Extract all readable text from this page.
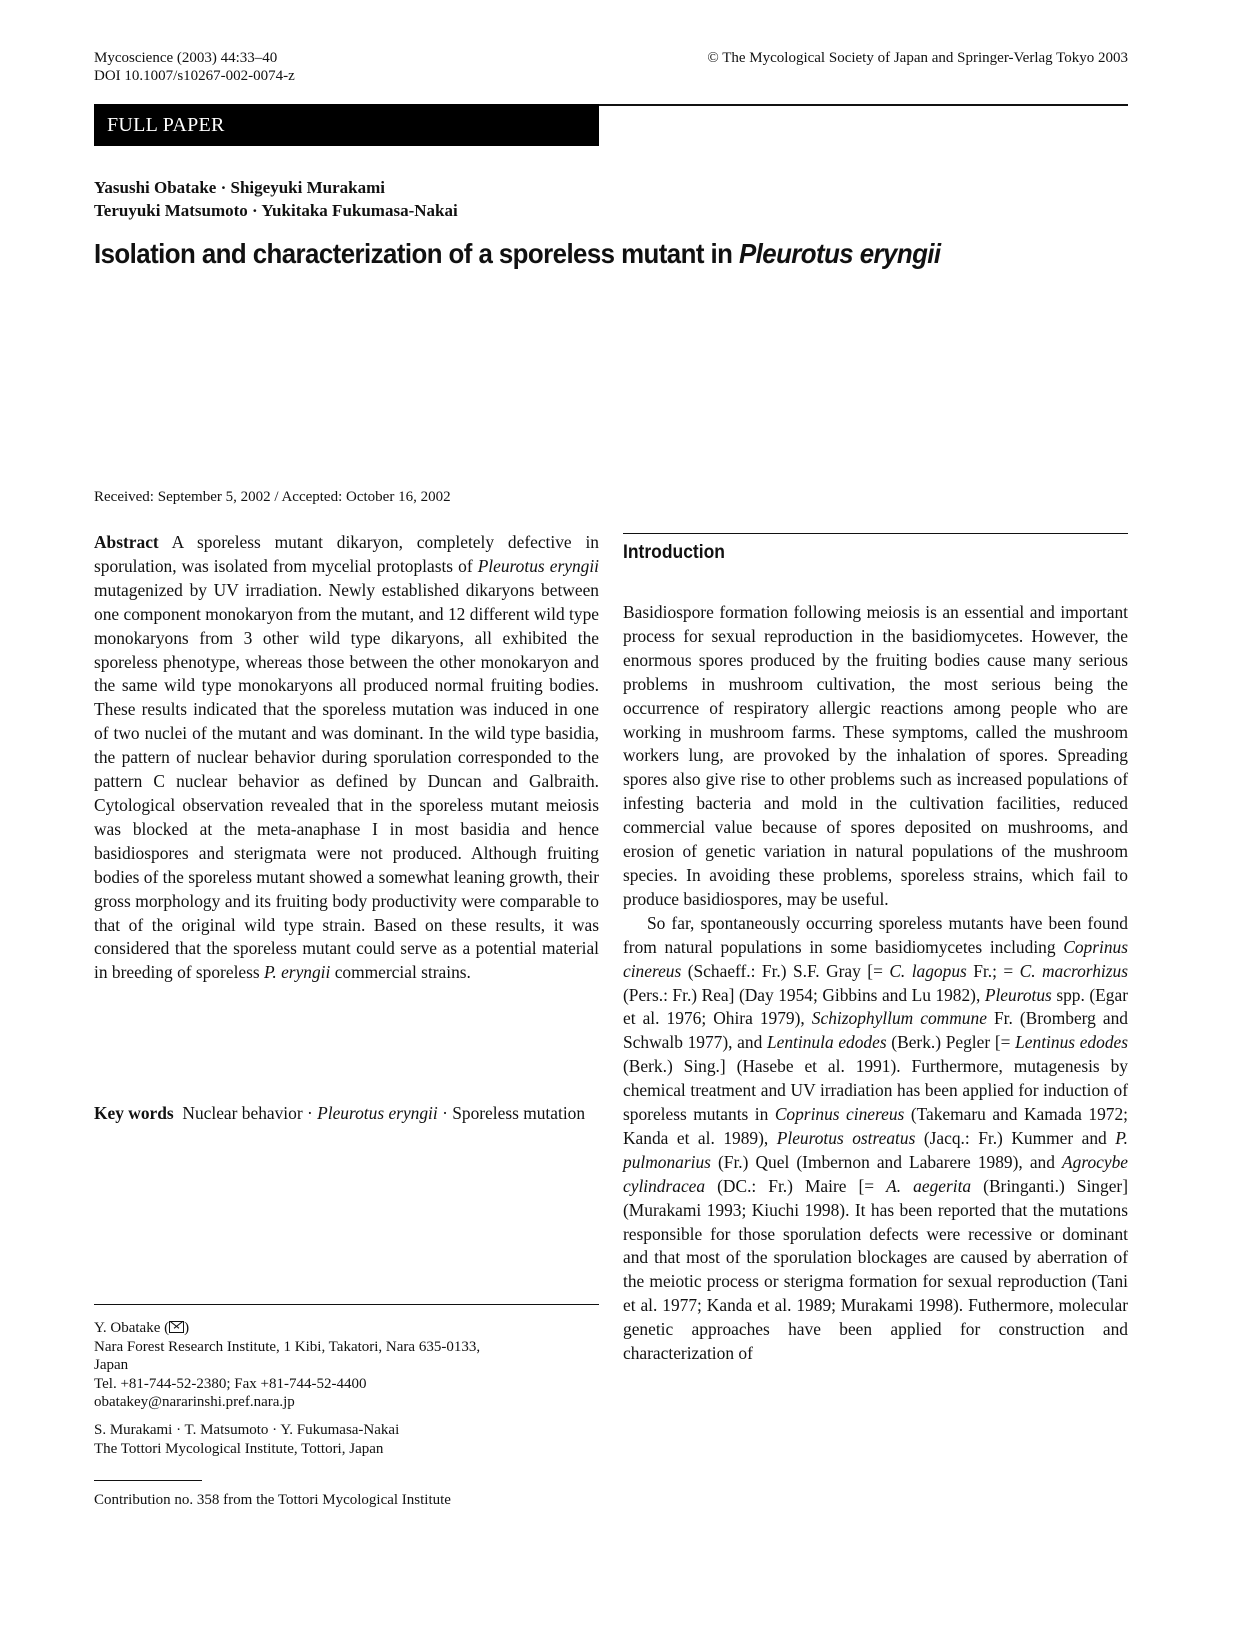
Mycoscience (2003) 44:33–40
DOI 10.1007/s10267-002-0074-z
© The Mycological Society of Japan and Springer-Verlag Tokyo 2003
FULL PAPER
Yasushi Obatake · Shigeyuki Murakami
Teruyuki Matsumoto · Yukitaka Fukumasa-Nakai
Isolation and characterization of a sporeless mutant in Pleurotus eryngii
Received: September 5, 2002 / Accepted: October 16, 2002

Abstract A sporeless mutant dikaryon, completely defective in sporulation, was isolated from mycelial protoplasts of Pleurotus eryngii mutagenized by UV irradiation. Newly established dikaryons between one component monokaryon from the mutant, and 12 different wild type monokaryons from 3 other wild type dikaryons, all exhibited the sporeless phenotype, whereas those between the other monokaryon and the same wild type monokaryons all produced normal fruiting bodies. These results indicated that the sporeless mutation was induced in one of two nuclei of the mutant and was dominant. In the wild type basidia, the pattern of nuclear behavior during sporulation corresponded to the pattern C nuclear behavior as defined by Duncan and Galbraith. Cytological observation revealed that in the sporeless mutant meiosis was blocked at the meta-anaphase I in most basidia and hence basidiospores and sterigmata were not produced. Although fruiting bodies of the sporeless mutant showed a somewhat leaning growth, their gross morphology and its fruiting body productivity were comparable to that of the original wild type strain. Based on these results, it was considered that the sporeless mutant could serve as a potential material in breeding of sporeless P. eryngii commercial strains.

Key words Nuclear behavior · Pleurotus eryngii · Sporeless mutation

Introduction

Basidiospore formation following meiosis is an essential and important process for sexual reproduction in the basidiomycetes. However, the enormous spores produced by the fruiting bodies cause many serious problems in mushroom cultivation, the most serious being the occurrence of respiratory allergic reactions among people who are working in mushroom farms. These symptoms, called the mushroom workers lung, are provoked by the inhalation of spores. Spreading spores also give rise to other problems such as increased populations of infesting bacteria and mold in the cultivation facilities, reduced commercial value because of spores deposited on mushrooms, and erosion of genetic variation in natural populations of the mushroom species. In avoiding these problems, sporeless strains, which fail to produce basidiospores, may be useful.

So far, spontaneously occurring sporeless mutants have been found from natural populations in some basidiomycetes including Coprinus cinereus (Schaeff.: Fr.) S.F. Gray [= C. lagopus Fr.; = C. macrorhizus (Pers.: Fr.) Rea] (Day 1954; Gibbins and Lu 1982), Pleurotus spp. (Egar et al. 1976; Ohira 1979), Schizophyllum commune Fr. (Bromberg and Schwalb 1977), and Lentinula edodes (Berk.) Pegler [= Lentinus edodes (Berk.) Sing.] (Hasebe et al. 1991). Furthermore, mutagenesis by chemical treatment and UV irradiation has been applied for induction of sporeless mutants in Coprinus cinereus (Takemaru and Kamada 1972; Kanda et al. 1989), Pleurotus ostreatus (Jacq.: Fr.) Kummer and P. pulmonarius (Fr.) Quel (Imbernon and Labarere 1989), and Agrocybe cylindracea (DC.: Fr.) Maire [= A. aegerita (Bringanti.) Singer] (Murakami 1993; Kiuchi 1998). It has been reported that the mutations responsible for those sporulation defects were recessive or dominant and that most of the sporulation blockages are caused by aberration of the meiotic process or sterigma formation for sexual reproduction (Tani et al. 1977; Kanda et al. 1989; Murakami 1998). Futhermore, molecular genetic approaches have been applied for construction and characterization of

Y. Obatake ( )
Nara Forest Research Institute, 1 Kibi, Takatori, Nara 635-0133,
Japan
Tel. +81-744-52-2380; Fax +81-744-52-4400
obatakey@nararinshi.pref.nara.jp
S. Murakami · T. Matsumoto · Y. Fukumasa-Nakai
The Tottori Mycological Institute, Tottori, Japan
Contribution no. 358 from the Tottori Mycological Institute
